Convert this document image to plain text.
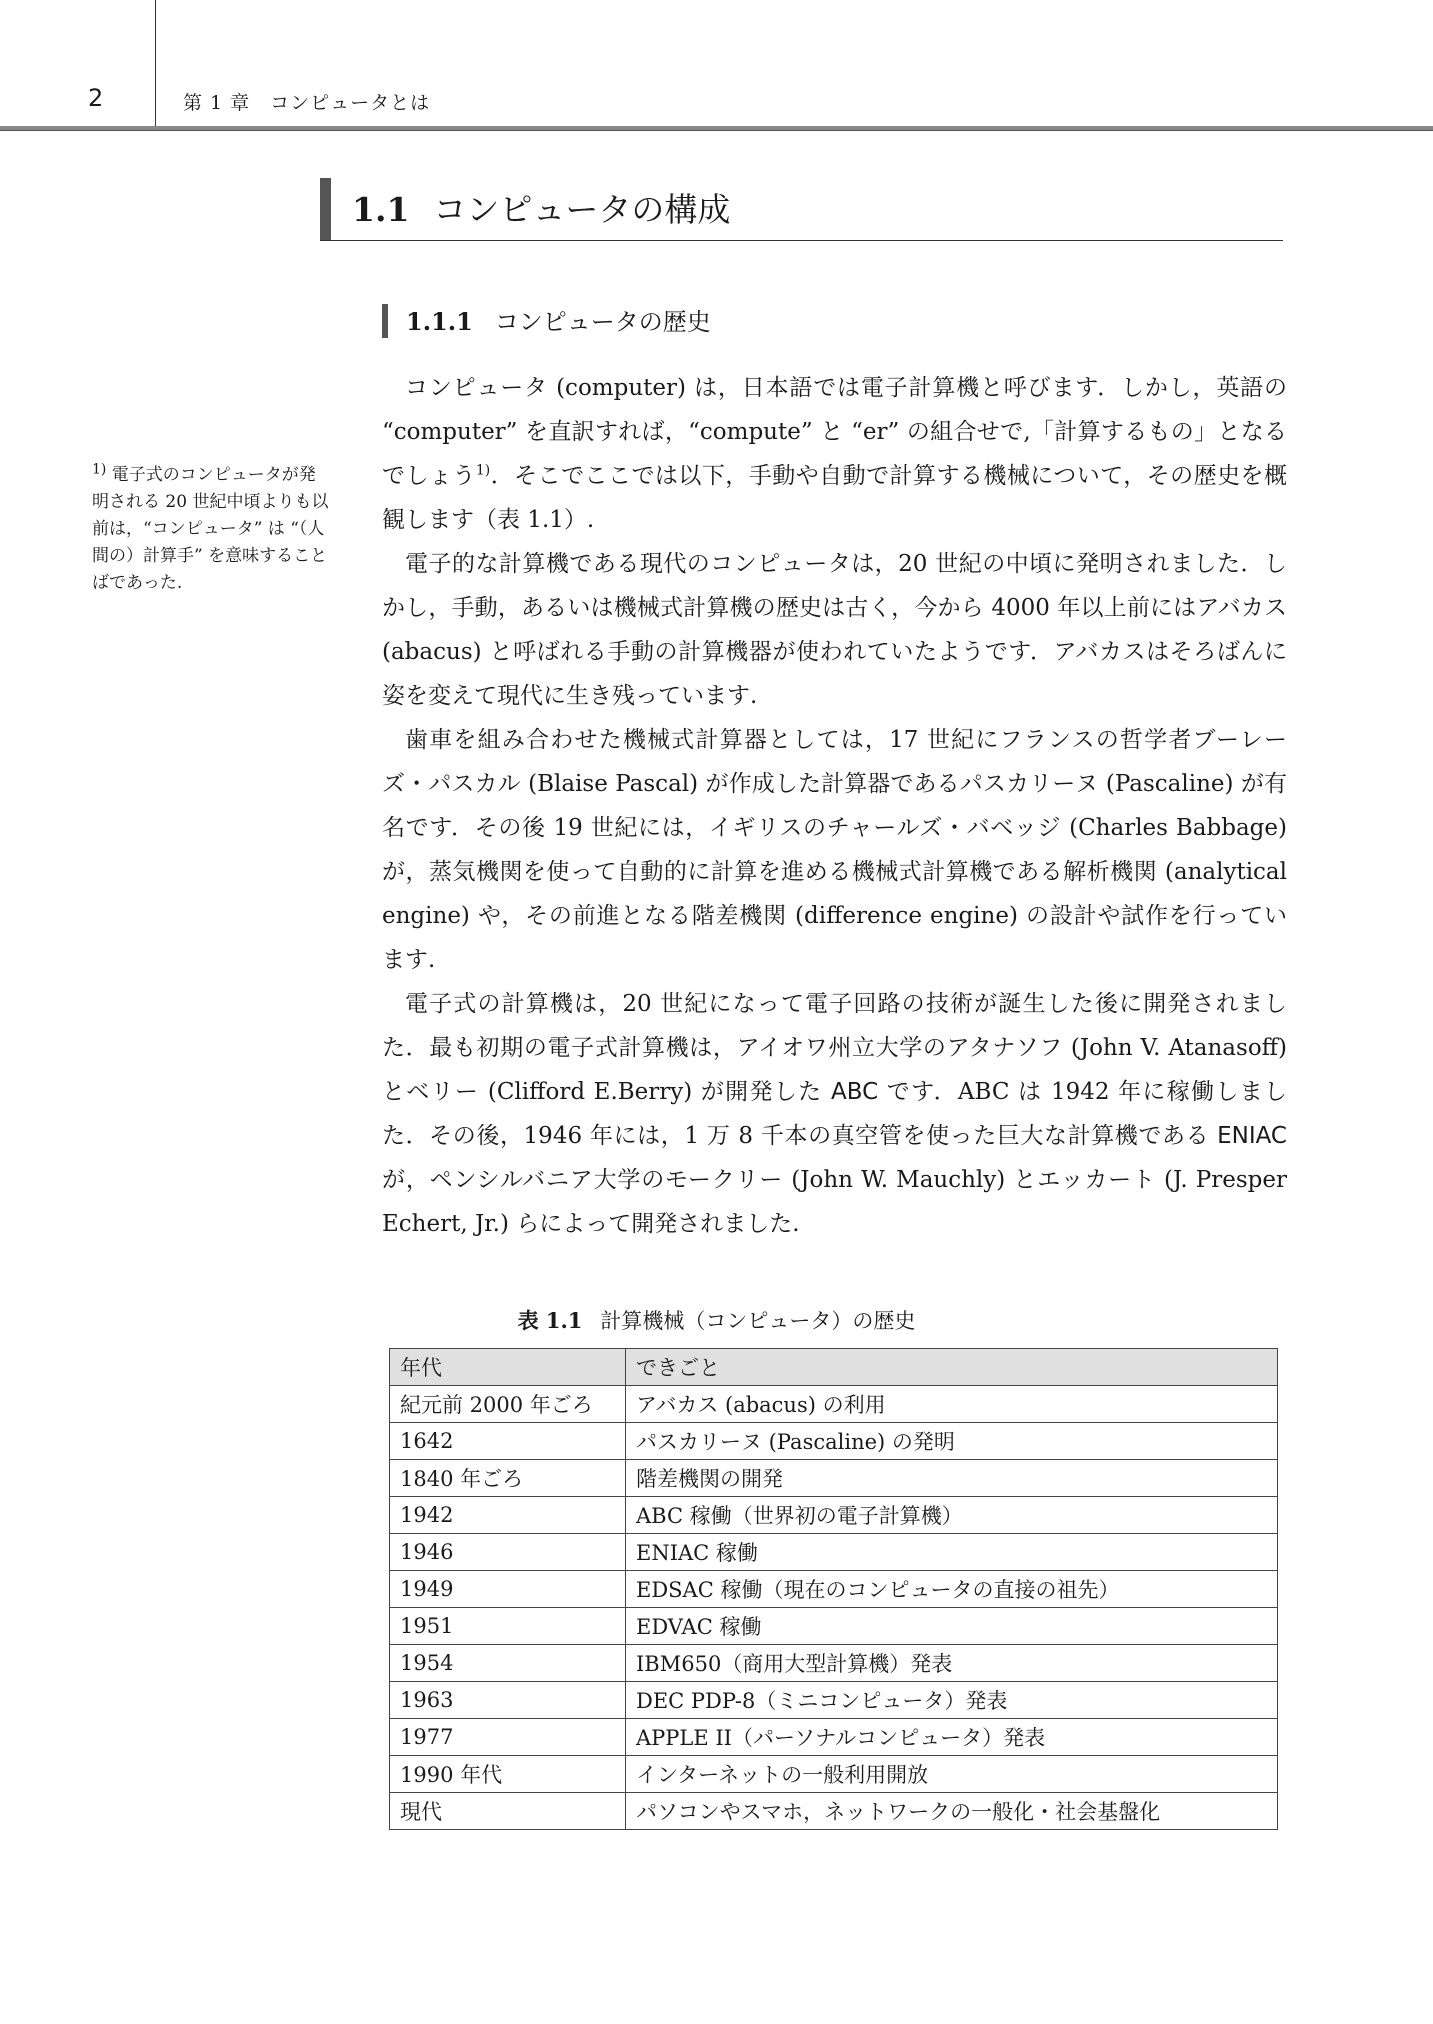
2	第 1 章　コンピュータとは
1.1 コンピュータの構成
1.1.1 コンピュータの歴史
$^{1)}$ 電子式のコンピュータが発明される 20 世紀中頃よりも以前は，“コンピュータ” は “（人間の）計算手” を意味することばであった.

コンピュータ (computer) は，日本語では電子計算機と呼びます．しかし，英語の “computer” を直訳すれば，“compute” と “er” の組合せで,「計算するもの」となるでしょう$^{1)}$．そこでここでは以下，手動や自動で計算する機械について，その歴史を概観します（表 1.1）.

電子的な計算機である現代のコンピュータは，20 世紀の中頃に発明されました．しかし，手動，あるいは機械式計算機の歴史は古く，今から 4000 年以上前にはアバカス (abacus) と呼ばれる手動の計算機器が使われていたようです．アバカスはそろばんに姿を変えて現代に生き残っています.

歯車を組み合わせた機械式計算器としては，17 世紀にフランスの哲学者ブーレーズ・パスカル (Blaise Pascal) が作成した計算器であるパスカリーヌ (Pascaline) が有名です．その後 19 世紀には，イギリスのチャールズ・バベッジ (Charles Babbage) が，蒸気機関を使って自動的に計算を進める機械式計算機である解析機関 (analytical engine) や，その前進となる階差機関 (difference engine) の設計や試作を行っています.

電子式の計算機は，20 世紀になって電子回路の技術が誕生した後に開発されました．最も初期の電子式計算機は，アイオワ州立大学のアタナソフ (John V. Atanasoff) とベリー (Clifford E.Berry) が開発した ABC です．ABC は 1942 年に稼働しました．その後，1946 年には，1 万 8 千本の真空管を使った巨大な計算機である ENIAC が，ペンシルバニア大学のモークリー (John W. Mauchly) とエッカート (J. Presper Echert, Jr.) らによって開発されました.

表 1.1 計算機械（コンピュータ）の歴史
年代	できごと
紀元前 2000 年ごろ	アバカス (abacus) の利用
1642	パスカリーヌ (Pascaline) の発明
1840 年ごろ	階差機関の開発
1942	ABC 稼働（世界初の電子計算機）
1946	ENIAC 稼働
1949	EDSAC 稼働（現在のコンピュータの直接の祖先）
1951	EDVAC 稼働
1954	IBM650（商用大型計算機）発表
1963	DEC PDP-8（ミニコンピュータ）発表
1977	APPLE II（パーソナルコンピュータ）発表
1990 年代	インターネットの一般利用開放
現代	パソコンやスマホ，ネットワークの一般化・社会基盤化
